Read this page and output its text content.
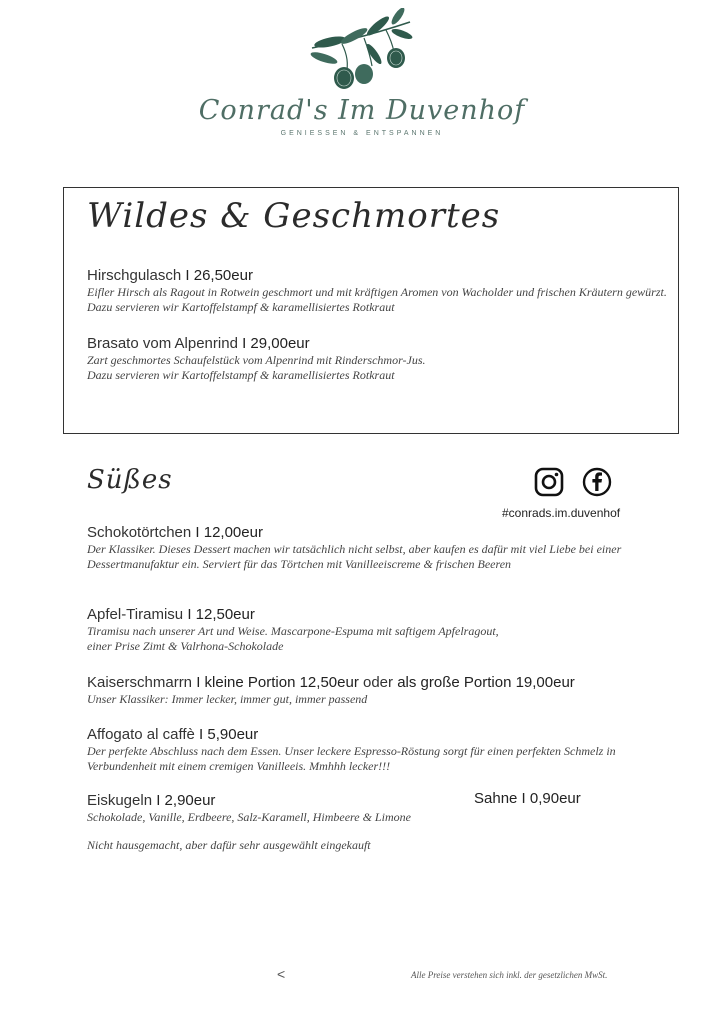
Conrad's Im Duvenhof
GENIESSEN & ENTSPANNEN
Wildes & Geschmortes
Hirschgulasch I 26,50eur
Eifler Hirsch als Ragout in Rotwein geschmort und mit kräftigen Aromen von Wacholder und frischen Kräutern gewürzt. Dazu servieren wir Kartoffelstampf & karamellisiertes Rotkraut
Brasato vom Alpenrind I 29,00eur
Zart geschmortes Schaufelstück vom Alpenrind mit Rinderschmor-Jus.
Dazu servieren wir Kartoffelstampf & karamellisiertes Rotkraut
Süßes
#conrads.im.duvenhof
Schokotörtchen I 12,00eur
Der Klassiker. Dieses Dessert machen wir tatsächlich nicht selbst, aber kaufen es dafür mit viel Liebe bei einer Dessertmanufaktur ein. Serviert für das Törtchen mit Vanilleeiscreme & frischen Beeren
Apfel-Tiramisu I 12,50eur
Tiramisu nach unserer Art und Weise. Mascarpone-Espuma mit saftigem Apfelragout,
einer Prise Zimt & Valrhona-Schokolade
Kaiserschmarrn I kleine Portion 12,50eur oder als große Portion 19,00eur
Unser Klassiker: Immer lecker, immer gut, immer passend
Affogato al caffè I 5,90eur
Der perfekte Abschluss nach dem Essen. Unser leckere Espresso-Röstung sorgt für einen perfekten Schmelz in Verbundenheit mit einem cremigen Vanilleeis. Mmhhh lecker!!!
Eiskugeln I 2,90eur
Schokolade, Vanille, Erdbeere, Salz-Karamell, Himbeere & Limone
Sahne I 0,90eur
Nicht hausgemacht, aber dafür sehr ausgewählt eingekauft
<	Alle Preise verstehen sich inkl. der gesetzlichen MwSt.
